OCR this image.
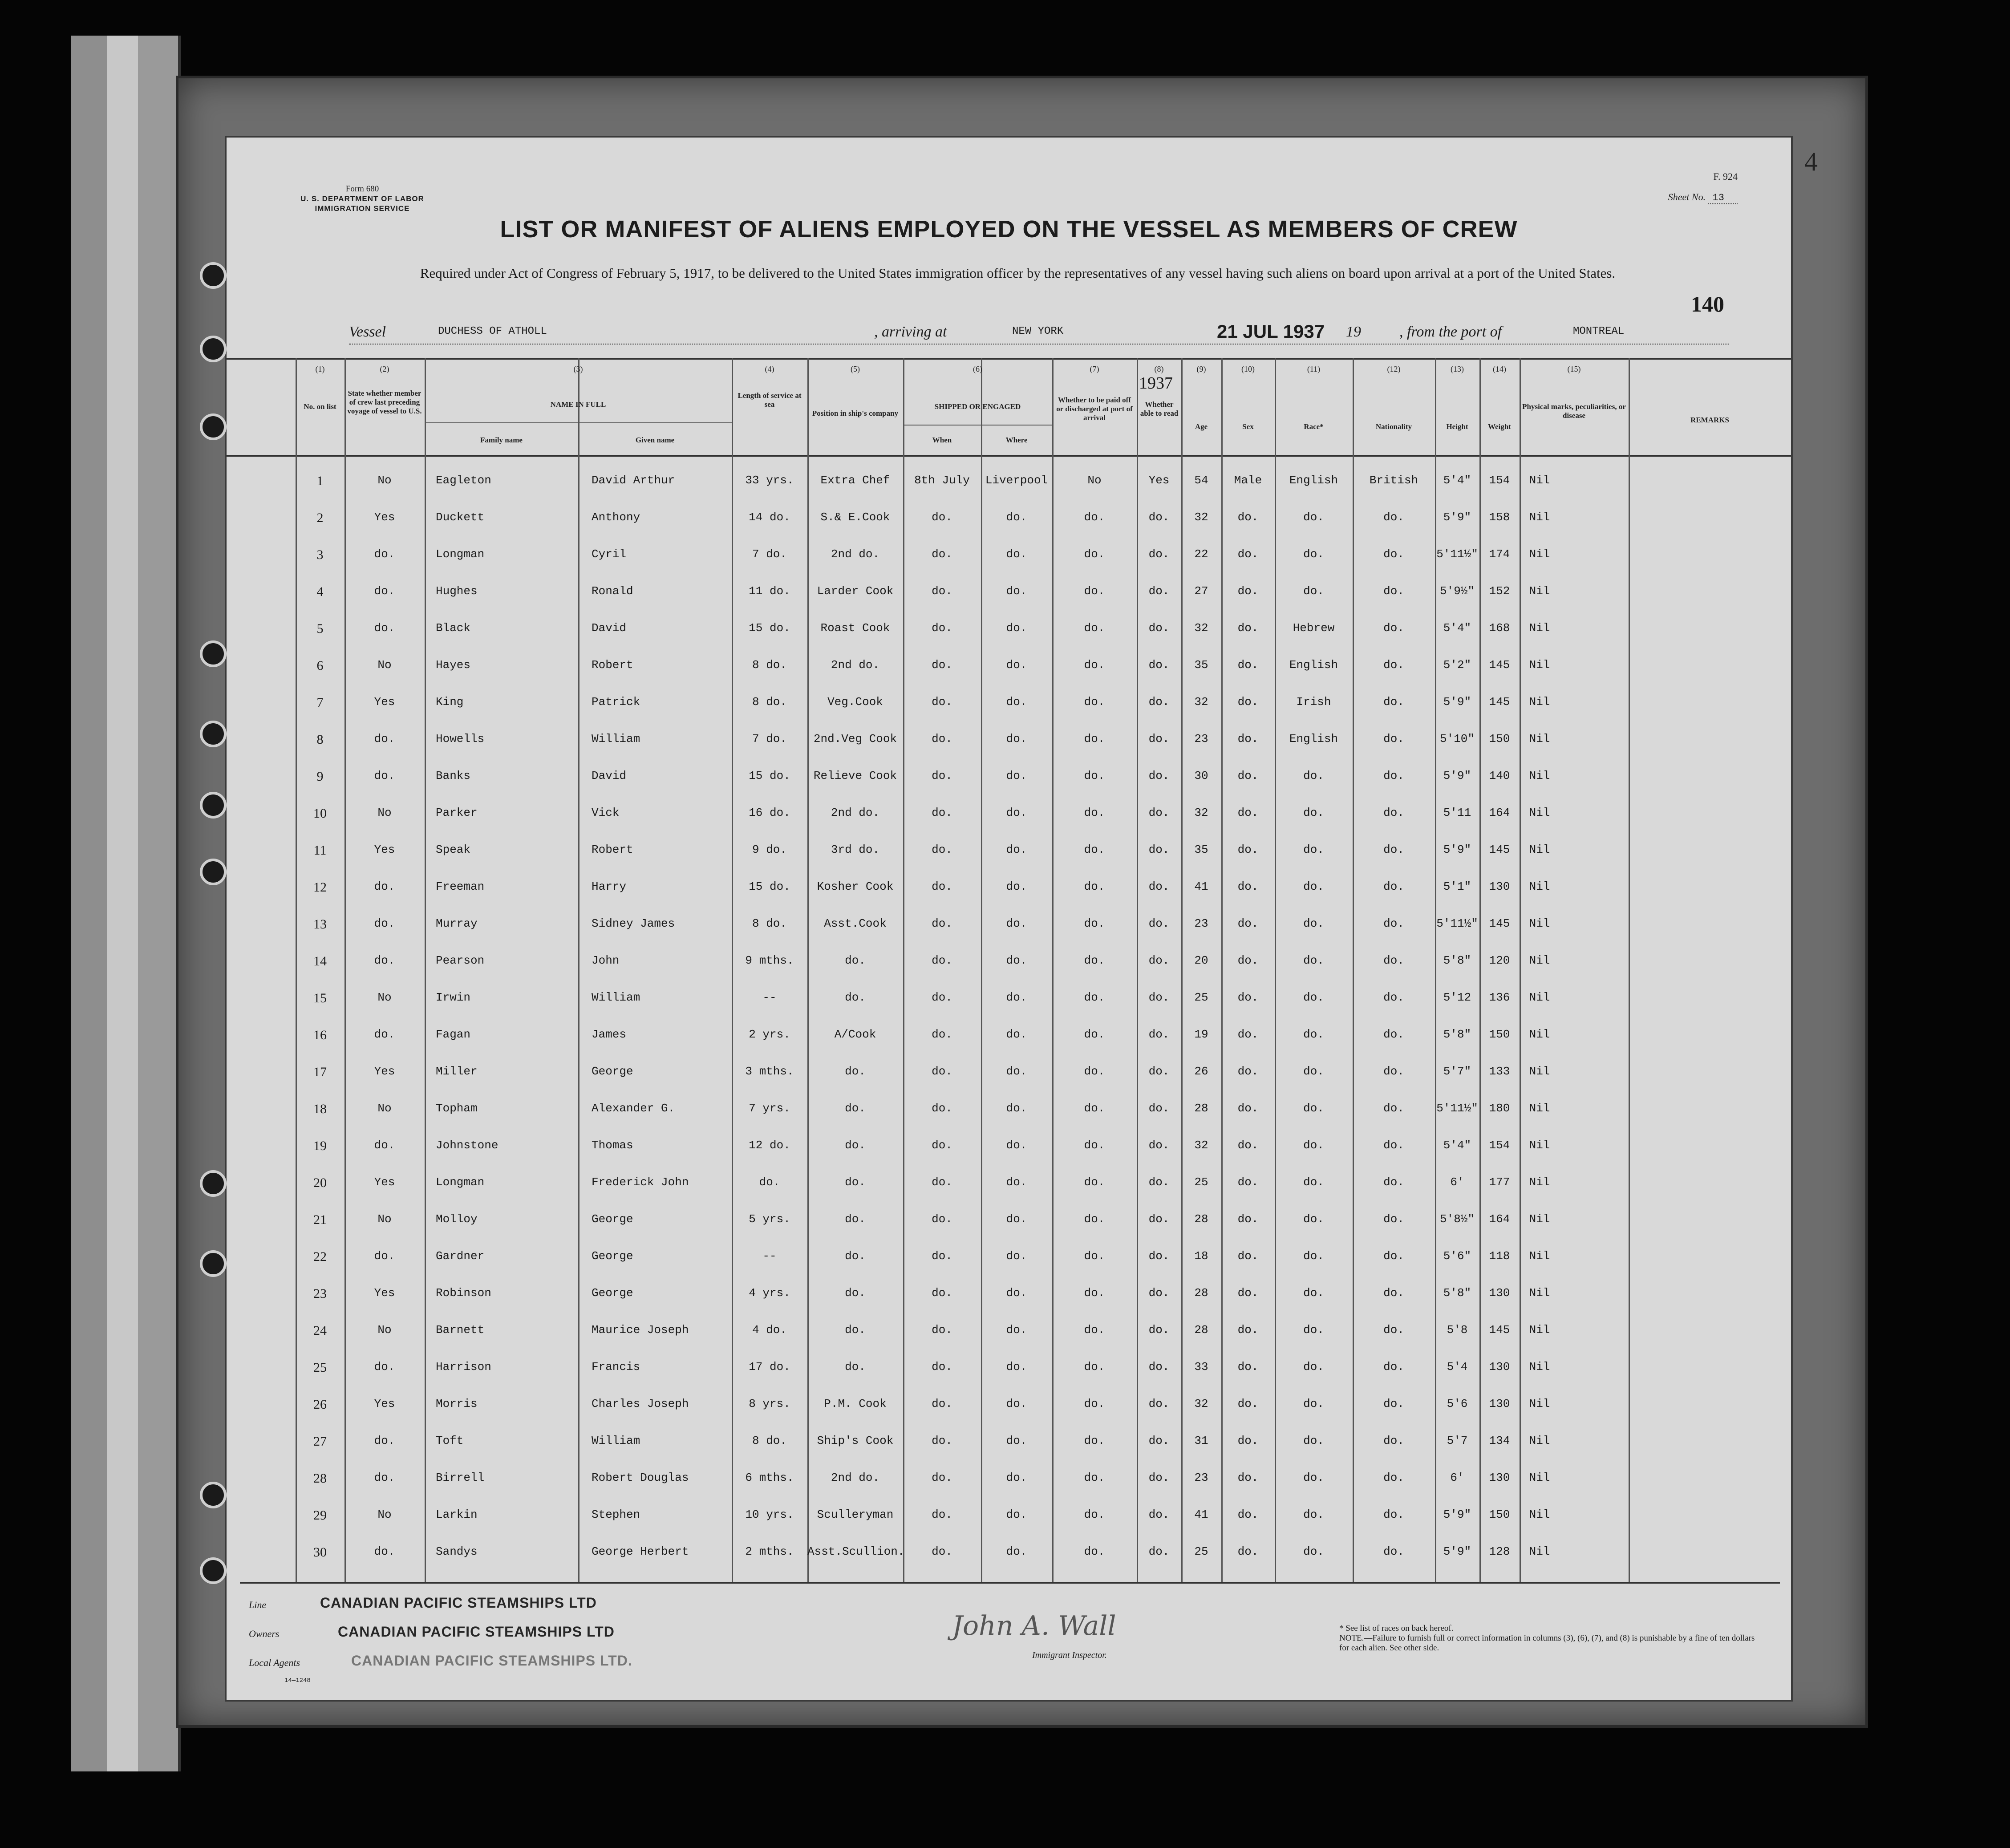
Form 680
U. S. DEPARTMENT OF LABOR
IMMIGRATION SERVICE
F. 924
Sheet No. 13
4
140
LIST OR MANIFEST OF ALIENS EMPLOYED ON THE VESSEL AS MEMBERS OF CREW
Required under Act of Congress of February 5, 1917, to be delivered to the United States immigration officer by the representatives of any vessel having such aliens on board upon arrival at a port of the United States.
Vessel	DUCHESS OF ATHOLL	, arriving at	NEW YORK	21 JUL 1937 19	, from the port of	MONTREAL
(1)	(2)	(3)	(4)	(5)	(6)	(7)	(8)	(9)	(10)	(11)	(12)	(13)	(14)	(15)
No. on list
State whether member of crew last preceding voyage of vessel to U.S.
NAME IN FULL
Family name	Given name
Length of service at sea
Position in ship's company
SHIPPED OR ENGAGED
When	Where
Whether to be paid off or discharged at port of arrival
Age
Whether able to read
Sex	Race*	Nationality	Height	Weight
Physical marks, peculiarities, or disease
REMARKS
1	No	Eagleton	David Arthur	33 yrs.	Extra Chef	8th July	Liverpool	No	Yes	54	Male	English	British	5'4"	154	Nil
2	Yes	Duckett	Anthony	14 do.	S.& E.Cook	do.	do.	do.	do.	32	do.	do.	do.	5'9"	158	Nil
3	do.	Longman	Cyril	7 do.	2nd do.	do.	do.	do.	do.	22	do.	do.	do.	5'11½" 174	Nil
4	do.	Hughes	Ronald	11 do.	Larder Cook	do.	do.	do.	do.	27	do.	do.	do.	5'9½"	152	Nil
5	do.	Black	David	15 do.	Roast Cook	do.	do.	do.	do.	32	do.	Hebrew	do.	5'4"	168	Nil
6	No	Hayes	Robert	8 do.	2nd do.	do.	do.	do.	do.	35	do.	English	do.	5'2"	145	Nil
7	Yes	King	Patrick	8 do.	Veg.Cook	do.	do.	do.	do.	32	do.	Irish	do.	5'9"	145	Nil
8	do.	Howells	William	7 do.	2nd.Veg Cook	do.	do.	do.	do.	23	do.	English	do.	5'10"	150	Nil
9	do.	Banks	David	15 do.	Relieve Cook	do.	do.	do.	do.	30	do.	do.	do.	5'9"	140	Nil
10	No	Parker	Vick	16 do.	2nd do.	do.	do.	do.	do.	32	do.	do.	do.	5'11	164	Nil
11	Yes	Speak	Robert	9 do.	3rd do.	do.	do.	do.	do.	35	do.	do.	do.	5'9"	145	Nil
12	do.	Freeman	Harry	15 do.	Kosher Cook	do.	do.	do.	do.	41	do.	do.	do.	5'1"	130	Nil
13	do.	Murray	Sidney James	8 do.	Asst.Cook	do.	do.	do.	do.	23	do.	do.	do.	5'11½" 145	Nil
14	do.	Pearson	John	9 mths.	do.	do.	do.	do.	do.	20	do.	do.	do.	5'8"	120	Nil
15	No	Irwin	William	--	do.	do.	do.	do.	do.	25	do.	do.	do.	5'12	136	Nil
16	do.	Fagan	James	2 yrs.	A/Cook	do.	do.	do.	do.	19	do.	do.	do.	5'8"	150	Nil
17	Yes	Miller	George	3 mths.	do.	do.	do.	do.	do.	26	do.	do.	do.	5'7"	133	Nil
18	No	Topham	Alexander G.	7 yrs.	do.	do.	do.	do.	do.	28	do.	do.	do.	5'11½" 180	Nil
19	do.	Johnstone	Thomas	12 do.	do.	do.	do.	do.	do.	32	do.	do.	do.	5'4"	154	Nil
20	Yes	Longman	Frederick John	do.	do.	do.	do.	do.	do.	25	do.	do.	do.	6'	177	Nil
21	No	Molloy	George	5 yrs.	do.	do.	do.	do.	do.	28	do.	do.	do.	5'8½"	164	Nil
22	do.	Gardner	George	--	do.	do.	do.	do.	do.	18	do.	do.	do.	5'6"	118	Nil
23	Yes	Robinson	George	4 yrs.	do.	do.	do.	do.	do.	28	do.	do.	do.	5'8"	130	Nil
24	No	Barnett	Maurice Joseph	4 do.	do.	do.	do.	do.	do.	28	do.	do.	do.	5'8	145	Nil
25	do.	Harrison	Francis	17 do.	do.	do.	do.	do.	do.	33	do.	do.	do.	5'4	130	Nil
26	Yes	Morris	Charles Joseph	8 yrs.	P.M. Cook	do.	do.	do.	do.	32	do.	do.	do.	5'6	130	Nil
27	do.	Toft	William	8 do.	Ship's Cook	do.	do.	do.	do.	31	do.	do.	do.	5'7	134	Nil
28	do.	Birrell	Robert Douglas	6 mths.	2nd do.	do.	do.	do.	do.	23	do.	do.	do.	6'	130	Nil
29	No	Larkin	Stephen	10 yrs.	Sculleryman	do.	do.	do.	do.	41	do.	do.	do.	5'9"	150	Nil
30	do.	Sandys	George Herbert	2 mths.	Asst.Scullion.	do.	do.	do.	do.	25	do.	do.	do.	5'9"	128	Nil
1937
Line	CANADIAN PACIFIC STEAMSHIPS LTD
Owners	CANADIAN PACIFIC STEAMSHIPS LTD
Local Agents	CANADIAN PACIFIC STEAMSHIPS LTD.
14—1248
John A. Wall
Immigrant Inspector.
* See list of races on back hereof.
NOTE.—Failure to furnish full or correct information in columns (3), (6), (7), and (8) is punishable by a fine of ten dollars for each alien. See other side.
